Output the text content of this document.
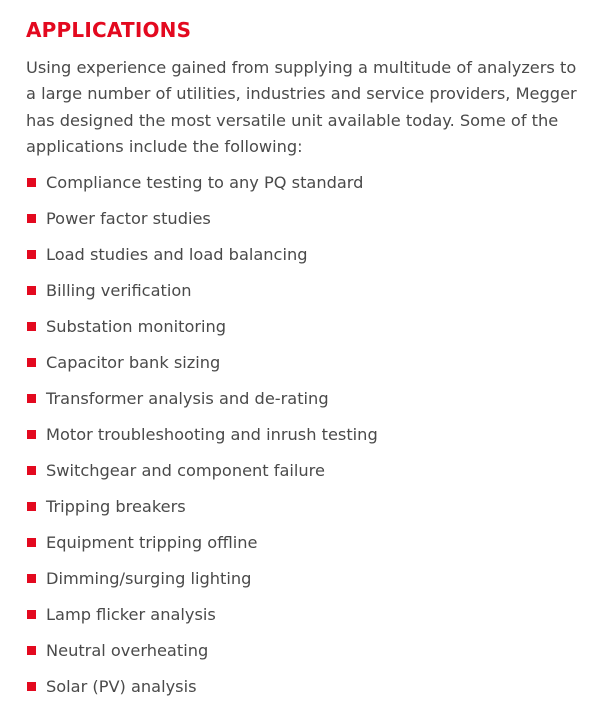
APPLICATIONS

Using experience gained from supplying a multitude of analyzers to a large number of utilities, industries and service providers, Megger has designed the most versatile unit available today. Some of the applications include the following:

Compliance testing to any PQ standard
Power factor studies
Load studies and load balancing
Billing verification
Substation monitoring
Capacitor bank sizing
Transformer analysis and de-rating
Motor troubleshooting and inrush testing
Switchgear and component failure
Tripping breakers
Equipment tripping offline
Dimming/surging lighting
Lamp flicker analysis
Neutral overheating
Solar (PV) analysis
